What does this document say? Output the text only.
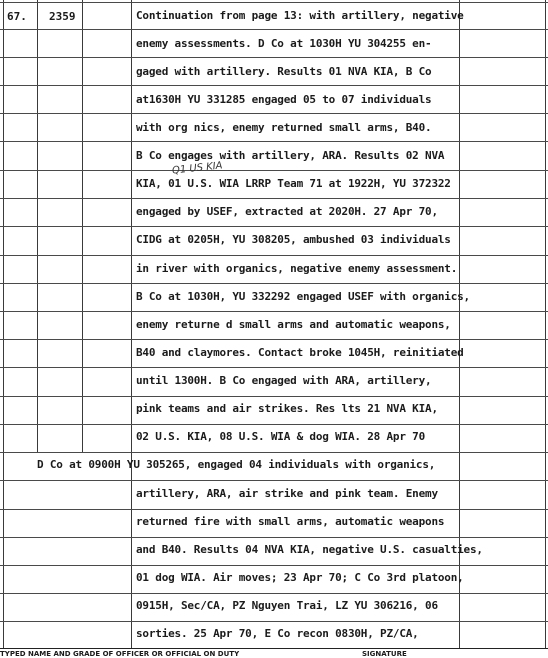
67. 2359
Q1 US KIA
Continuation from page 13: with artillery, negative
enemy assessments. D Co at 1030H YU 304255 en-
gaged with artillery. Results 01 NVA KIA, B Co
at1630H YU 331285 engaged 05 to 07 individuals
with org nics, enemy returned small arms, B40.
B Co engages with artillery, ARA. Results 02 NVA
KIA, 01 U.S. WIA LRRP Team 71 at 1922H, YU 372322
engaged by USEF, extracted at 2020H. 27 Apr 70,
CIDG at 0205H, YU 308205, ambushed 03 individuals
in river with organics, negative enemy assessment.
B Co at 1030H, YU 332292 engaged USEF with organics,
enemy returne d small arms and automatic weapons,
B40 and claymores. Contact broke 1045H, reinitiated
until 1300H. B Co engaged with ARA, artillery,
pink teams and air strikes. Res lts 21 NVA KIA,
02 U.S. KIA, 08 U.S. WIA & dog WIA. 28 Apr 70
D Co at 0900H YU 305265, engaged 04 individuals with organics,
artillery, ARA, air strike and pink team. Enemy
returned fire with small arms, automatic weapons
and B40. Results 04 NVA KIA, negative U.S. casualties,
01 dog WIA. Air moves; 23 Apr 70; C Co 3rd platoon,
0915H, Sec/CA, PZ Nguyen Trai, LZ YU 306216, 06
sorties. 25 Apr 70, E Co recon 0830H, PZ/CA,
TYPED NAME AND GRADE OF OFFICER OR OFFICIAL ON DUTY	SIGNATURE
